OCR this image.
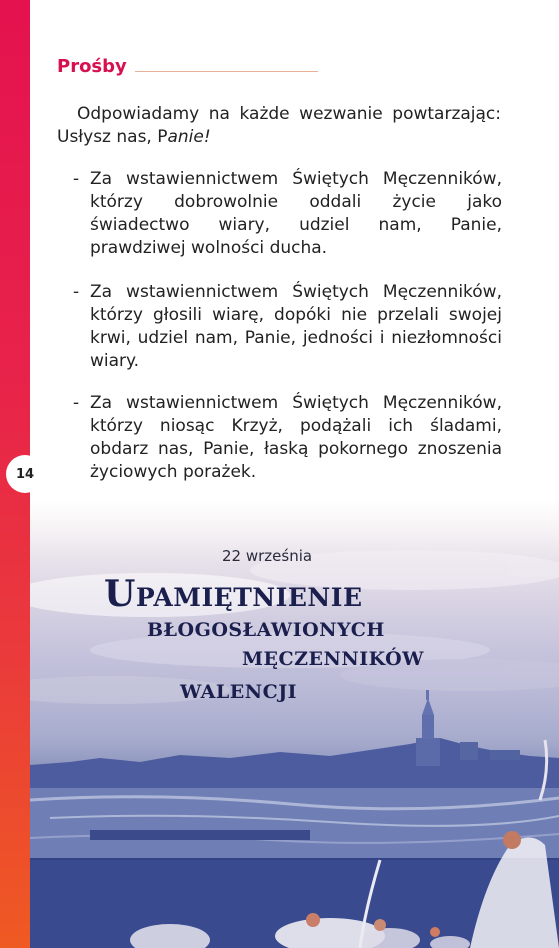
14
Prośby
Odpowiadamy na każde wezwanie powtarzając: Usłysz nas, Panie!
- Za wstawiennictwem Świętych Męczenników, którzy dobrowolnie oddali życie jako świadectwo wiary, udziel nam, Panie, prawdziwej wolności ducha.
- Za wstawiennictwem Świętych Męczenników, którzy głosili wiarę, dopóki nie przelali swojej krwi, udziel nam, Panie, jedności i niezłomności wiary.
- Za wstawiennictwem Świętych Męczenników, którzy niosąc Krzyż, podążali ich śladami, obdarz nas, Panie, łaską pokornego znoszenia życiowych porażek.
22 września
Upamiętnienie
błogosławionych
męczenników
walencji
